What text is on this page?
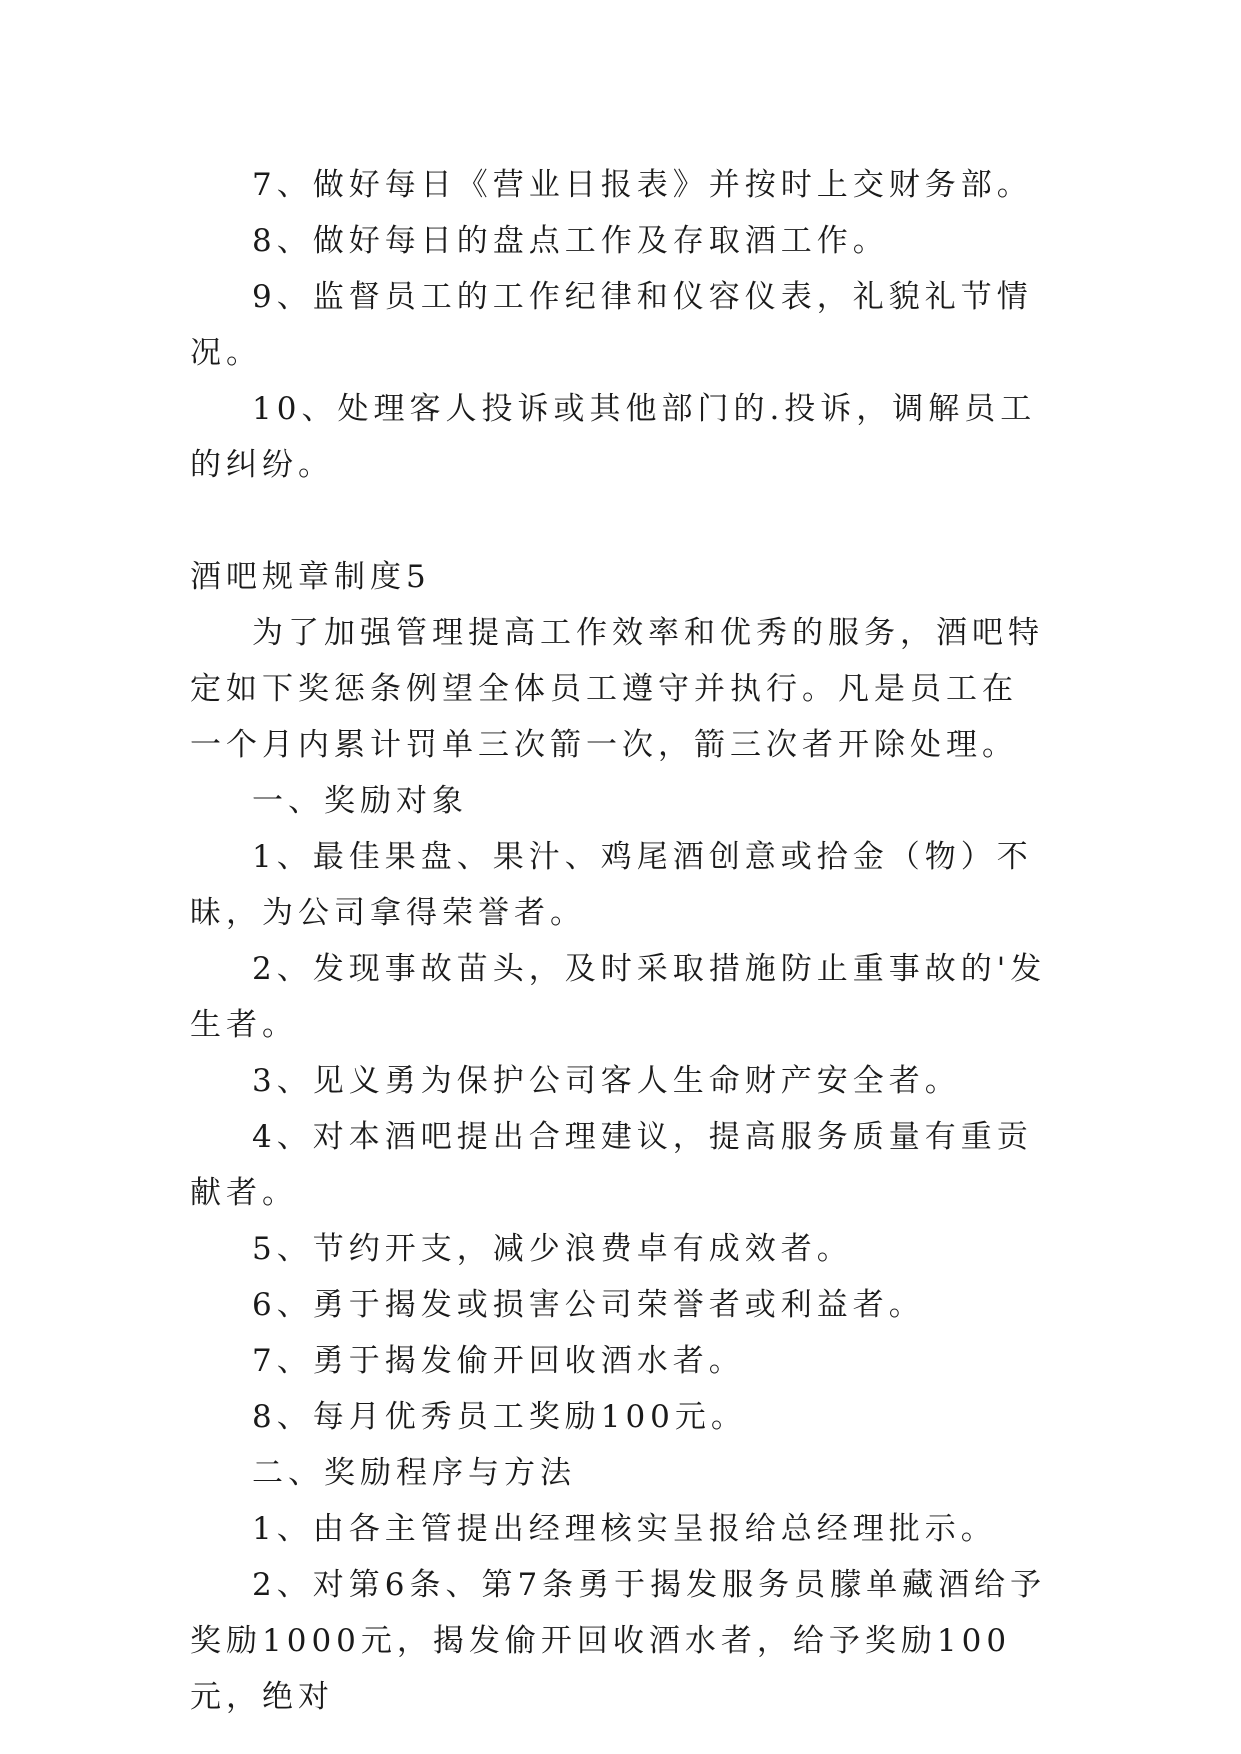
7、做好每日《营业日报表》并按时上交财务部。

8、做好每日的盘点工作及存取酒工作。

9、监督员工的工作纪律和仪容仪表，礼貌礼节情况。

10、处理客人投诉或其他部门的.投诉，调解员工的纠纷。

酒吧规章制度5

为了加强管理提高工作效率和优秀的服务，酒吧特定如下奖惩条例望全体员工遵守并执行。凡是员工在一个月内累计罚单三次箭一次，箭三次者开除处理。

一、奖励对象

1、最佳果盘、果汁、鸡尾酒创意或拾金（物）不昧，为公司拿得荣誉者。

2、发现事故苗头，及时采取措施防止重事故的'发生者。

3、见义勇为保护公司客人生命财产安全者。

4、对本酒吧提出合理建议，提高服务质量有重贡献者。

5、节约开支，减少浪费卓有成效者。

6、勇于揭发或损害公司荣誉者或利益者。

7、勇于揭发偷开回收酒水者。

8、每月优秀员工奖励100元。

二、奖励程序与方法

1、由各主管提出经理核实呈报给总经理批示。

2、对第6条、第7条勇于揭发服务员朦单藏酒给予奖励1000元，揭发偷开回收酒水者，给予奖励100元，绝对
